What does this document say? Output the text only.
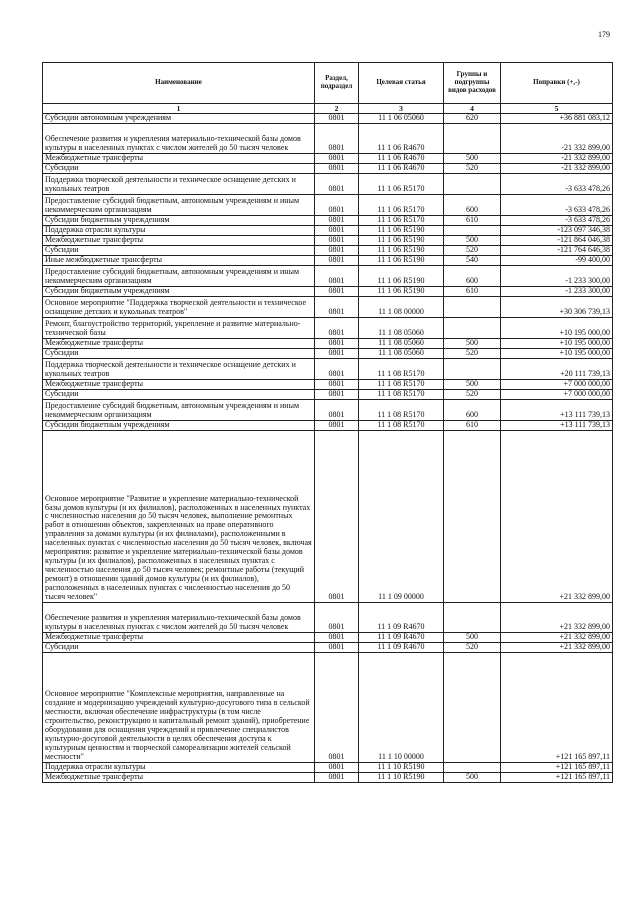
179
Наименование	Раздел, подраздел	Целевая статья	Группы и подгруппы видов расходов	Поправки (+,-)
1	2	3	4	5
Субсидии автономным учреждениям	0801	11 1 06 05060	620	+36 881 083,12
Обеспечение развития и укрепления материально-технической базы домов культуры в населенных пунктах с числом жителей до 50 тысяч человек	0801	11 1 06 R4670		-21 332 899,00
Межбюджетные трансферты	0801	11 1 06 R4670	500	-21 332 899,00
Субсидии	0801	11 1 06 R4670	520	-21 332 899,00
Поддержка творческой деятельности и техническое оснащение детских и кукольных театров	0801	11 1 06 R5170		-3 633 478,26
Предоставление субсидий бюджетным, автономным учреждениям и иным некоммерческим организациям	0801	11 1 06 R5170	600	-3 633 478,26
Субсидии бюджетным учреждениям	0801	11 1 06 R5170	610	-3 633 478,26
Поддержка отрасли культуры	0801	11 1 06 R5190		-123 097 346,38
Межбюджетные трансферты	0801	11 1 06 R5190	500	-121 864 046,38
Субсидии	0801	11 1 06 R5190	520	-121 764 646,38
Иные межбюджетные трансферты	0801	11 1 06 R5190	540	-99 400,00
Предоставление субсидий бюджетным, автономным учреждениям и иным некоммерческим организациям	0801	11 1 06 R5190	600	-1 233 300,00
Субсидии бюджетным учреждениям	0801	11 1 06 R5190	610	-1 233 300,00
Основное мероприятие "Поддержка творческой деятельности и техническое оснащение детских и кукольных театров"	0801	11 1 08 00000		+30 306 739,13
Ремонт, благоустройство территорий, укрепление и развитие материально-технической базы	0801	11 1 08 05060		+10 195 000,00
Межбюджетные трансферты	0801	11 1 08 05060	500	+10 195 000,00
Субсидии	0801	11 1 08 05060	520	+10 195 000,00
Поддержка творческой деятельности и техническое оснащение детских и кукольных театров	0801	11 1 08 R5170		+20 111 739,13
Межбюджетные трансферты	0801	11 1 08 R5170	500	+7 000 000,00
Субсидии	0801	11 1 08 R5170	520	+7 000 000,00
Предоставление субсидий бюджетным, автономным учреждениям и иным некоммерческим организациям	0801	11 1 08 R5170	600	+13 111 739,13
Субсидии бюджетным учреждениям	0801	11 1 08 R5170	610	+13 111 739,13
Основное мероприятие "Развитие и укрепление материально-технической базы домов культуры (и их филиалов), расположенных в населенных пунктах с численностью населения до 50 тысяч человек, выполнение ремонтных работ в отношении объектов, закрепленных на праве оперативного управления за домами культуры (и их филиалами), расположенными в населенных пунктах с численностью населения до 50 тысяч человек, включая мероприятия: развитие и укрепление материально-технической базы домов культуры (и их филиалов), расположенных в населенных пунктах с численностью населения до 50 тысяч человек; ремонтные работы (текущий ремонт) в отношении зданий домов культуры (и их филиалов), расположенных в населенных пунктах с численностью населения до 50 тысяч человек"	0801	11 1 09 00000		+21 332 899,00
Обеспечение развития и укрепления материально-технической базы домов культуры в населенных пунктах с числом жителей до 50 тысяч человек	0801	11 1 09 R4670		+21 332 899,00
Межбюджетные трансферты	0801	11 1 09 R4670	500	+21 332 899,00
Субсидии	0801	11 1 09 R4670	520	+21 332 899,00
Основное мероприятие "Комплексные мероприятия, направленные на создание и модернизацию учреждений культурно-досугового типа в сельской местности, включая обеспечение инфраструктуры (в том числе строительство, реконструкцию и капитальный ремонт зданий), приобретение оборудования для оснащения учреждений и привлечение специалистов культурно-досуговой деятельности в целях обеспечения доступа к культурным ценностям и творческой самореализации жителей сельской местности"	0801	11 1 10 00000		+121 165 897,11
Поддержка отрасли культуры	0801	11 1 10 R5190		+121 165 897,11
Межбюджетные трансферты	0801	11 1 10 R5190	500	+121 165 897,11
